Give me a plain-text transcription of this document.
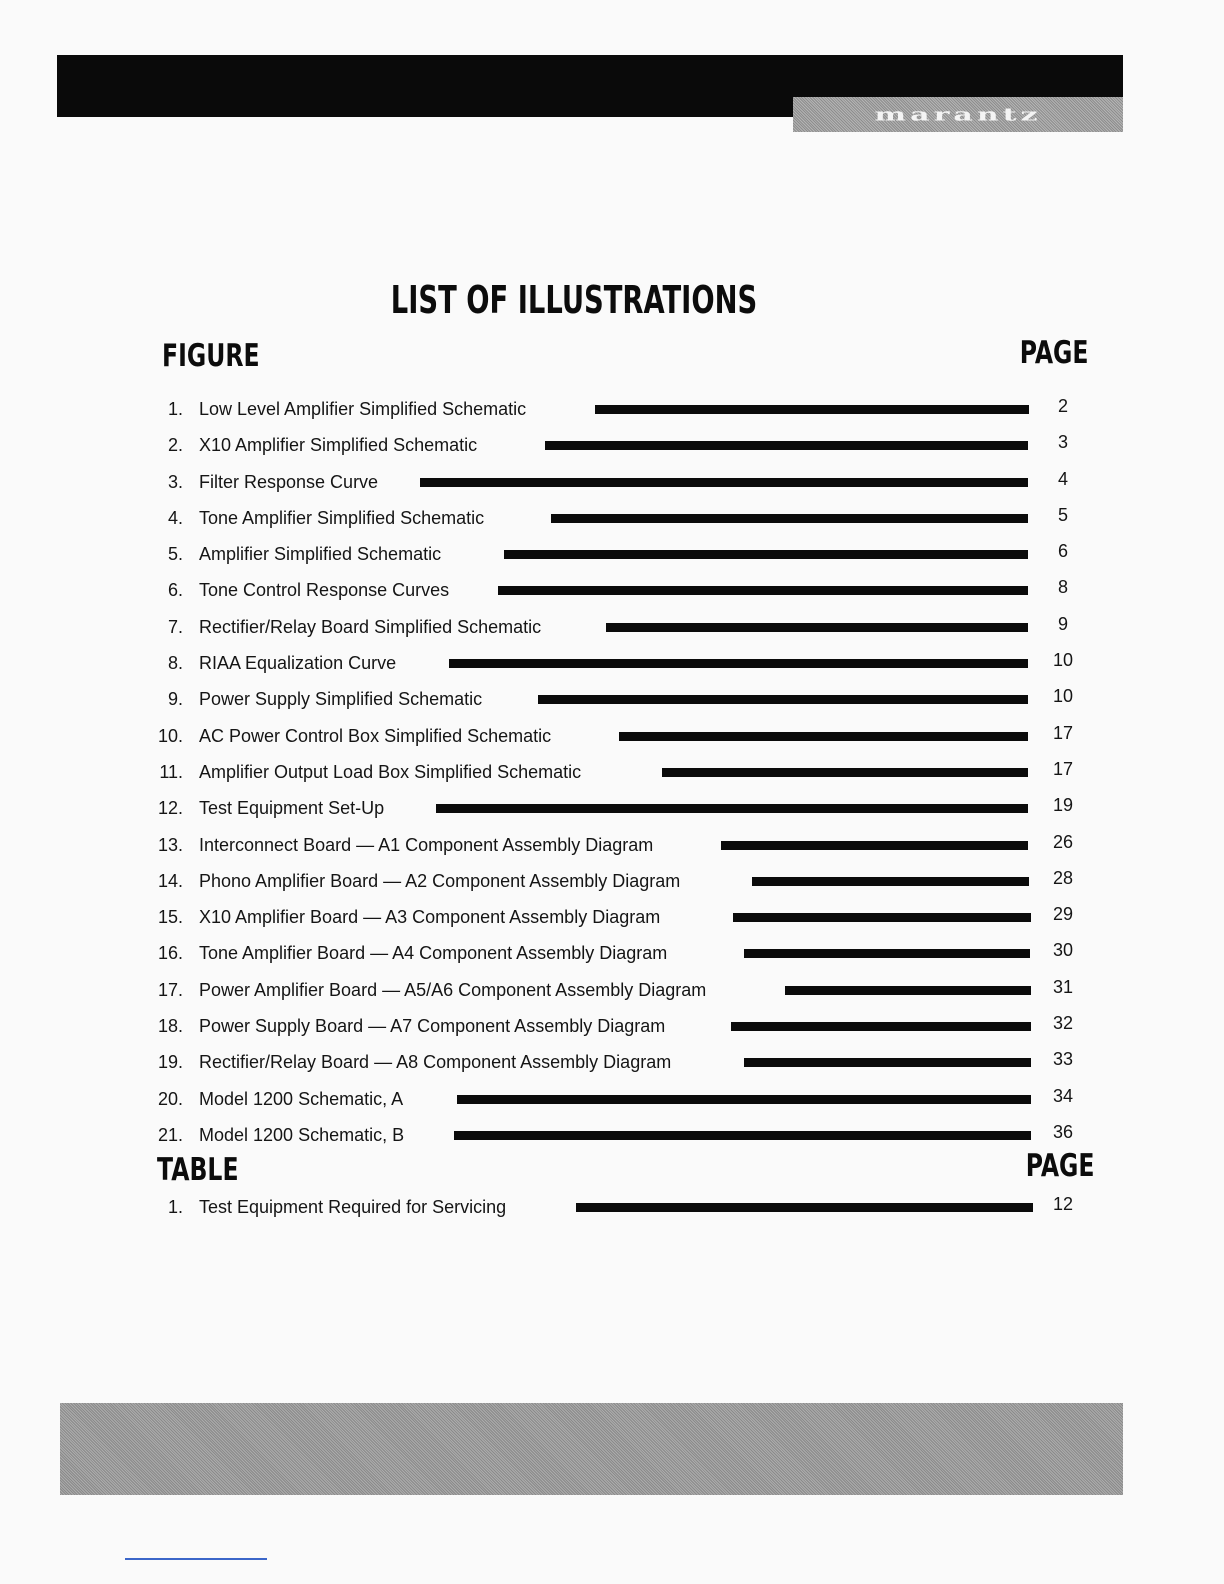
marantz
LIST OF ILLUSTRATIONS
FIGURE	PAGE
1. Low Level Amplifier Simplified Schematic	2
2. X10 Amplifier Simplified Schematic	3
3. Filter Response Curve	4
4. Tone Amplifier Simplified Schematic	5
5. Amplifier Simplified Schematic	6
6. Tone Control Response Curves	8
7. Rectifier/Relay Board Simplified Schematic	9
8. RIAA Equalization Curve	10
9. Power Supply Simplified Schematic	10
10. AC Power Control Box Simplified Schematic	17
11. Amplifier Output Load Box Simplified Schematic	17
12. Test Equipment Set-Up	19
13. Interconnect Board — A1 Component Assembly Diagram	26
14. Phono Amplifier Board — A2 Component Assembly Diagram	28
15. X10 Amplifier Board — A3 Component Assembly Diagram	29
16. Tone Amplifier Board — A4 Component Assembly Diagram	30
17. Power Amplifier Board — A5/A6 Component Assembly Diagram	31
18. Power Supply Board — A7 Component Assembly Diagram	32
19. Rectifier/Relay Board — A8 Component Assembly Diagram	33
20. Model 1200 Schematic, A	34
21. Model 1200 Schematic, B	36
TABLE	PAGE
1. Test Equipment Required for Servicing	12
